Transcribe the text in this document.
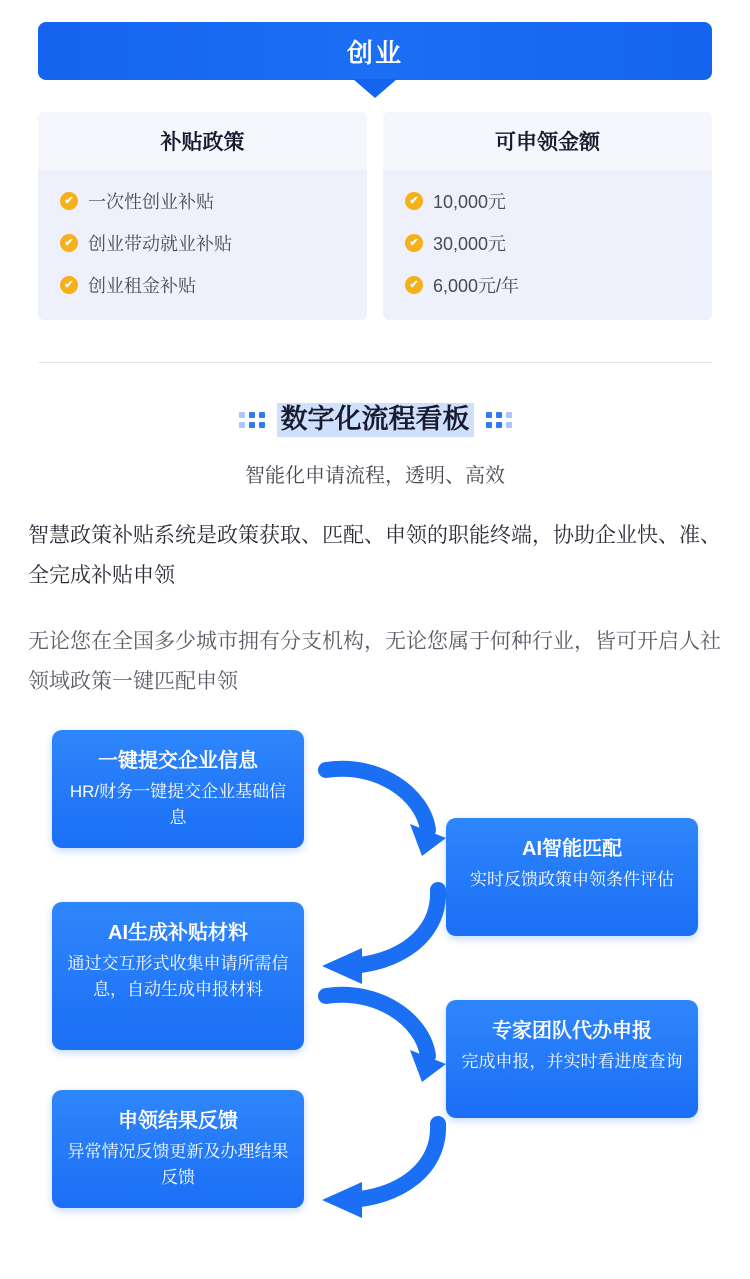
创业
补贴政策
✔ 一次性创业补贴
✔ 创业带动就业补贴
✔ 创业租金补贴
可申领金额
✔ 10,000元
✔ 30,000元
✔ 6,000元/年
数字化流程看板
智能化申请流程，透明、高效
智慧政策补贴系统是政策获取、匹配、申领的职能终端，协助企业快、准、全完成补贴申领
无论您在全国多少城市拥有分支机构，无论您属于何种行业，皆可开启人社领域政策一键匹配申领
一键提交企业信息
HR/财务一键提交企业基础信息
AI智能匹配
实时反馈政策申领条件评估
AI生成补贴材料
通过交互形式收集申请所需信息，自动生成申报材料
专家团队代办申报
完成申报，并实时看进度查询
申领结果反馈
异常情况反馈更新及办理结果反馈
